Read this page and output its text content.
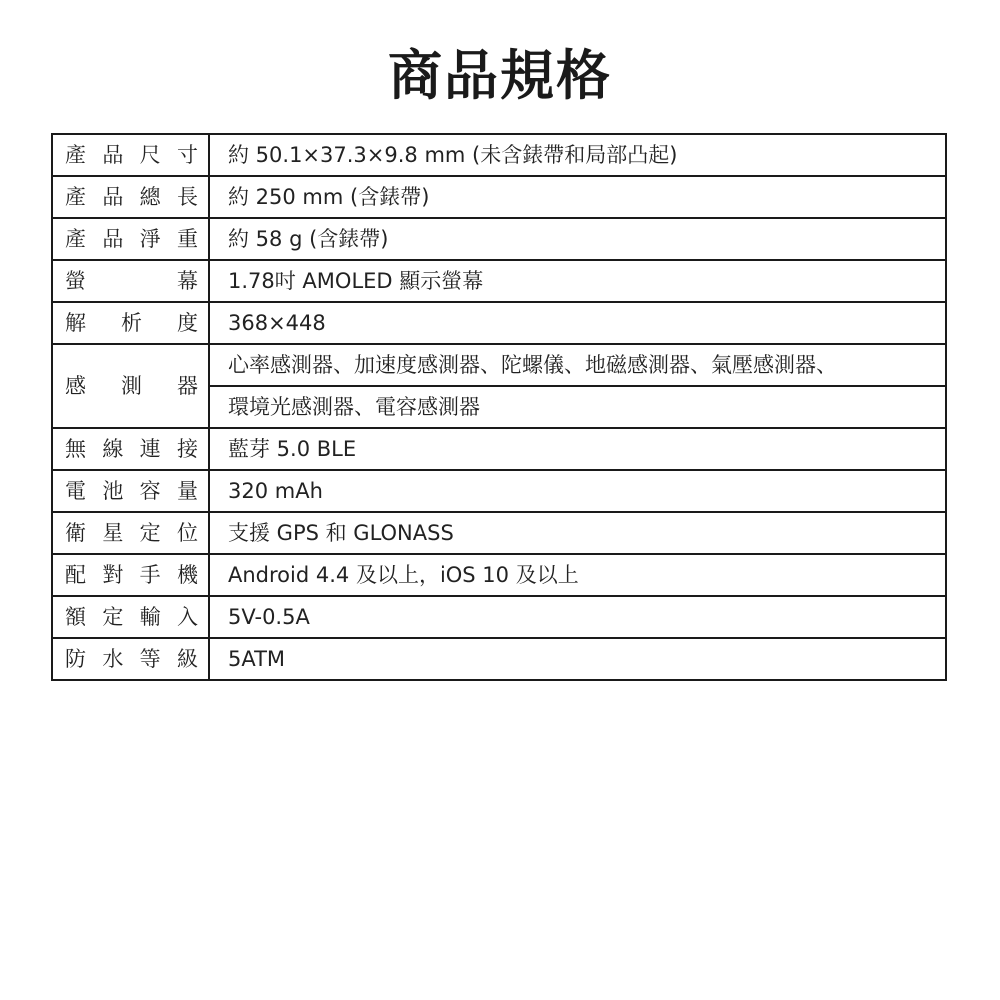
商品規格
產 品 尺 寸	約 50.1×37.3×9.8 mm (未含錶帶和局部凸起)

產 品 總 長	約 250 mm (含錶帶)

產 品 淨 重	約 58 g (含錶帶)

螢 幕	1.78吋 AMOLED 顯示螢幕

解 析 度	368×448

感 測 器	心率感測器、加速度感測器、陀螺儀、地磁感測器、氣壓感測器、
	環境光感測器、電容感測器

無 線 連 接	藍芽 5.0 BLE

電 池 容 量	320 mAh

衛 星 定 位	支援 GPS 和 GLONASS

配 對 手 機	Android 4.4 及以上，iOS 10 及以上

額 定 輸 入	5V-0.5A

防 水 等 級	5ATM
